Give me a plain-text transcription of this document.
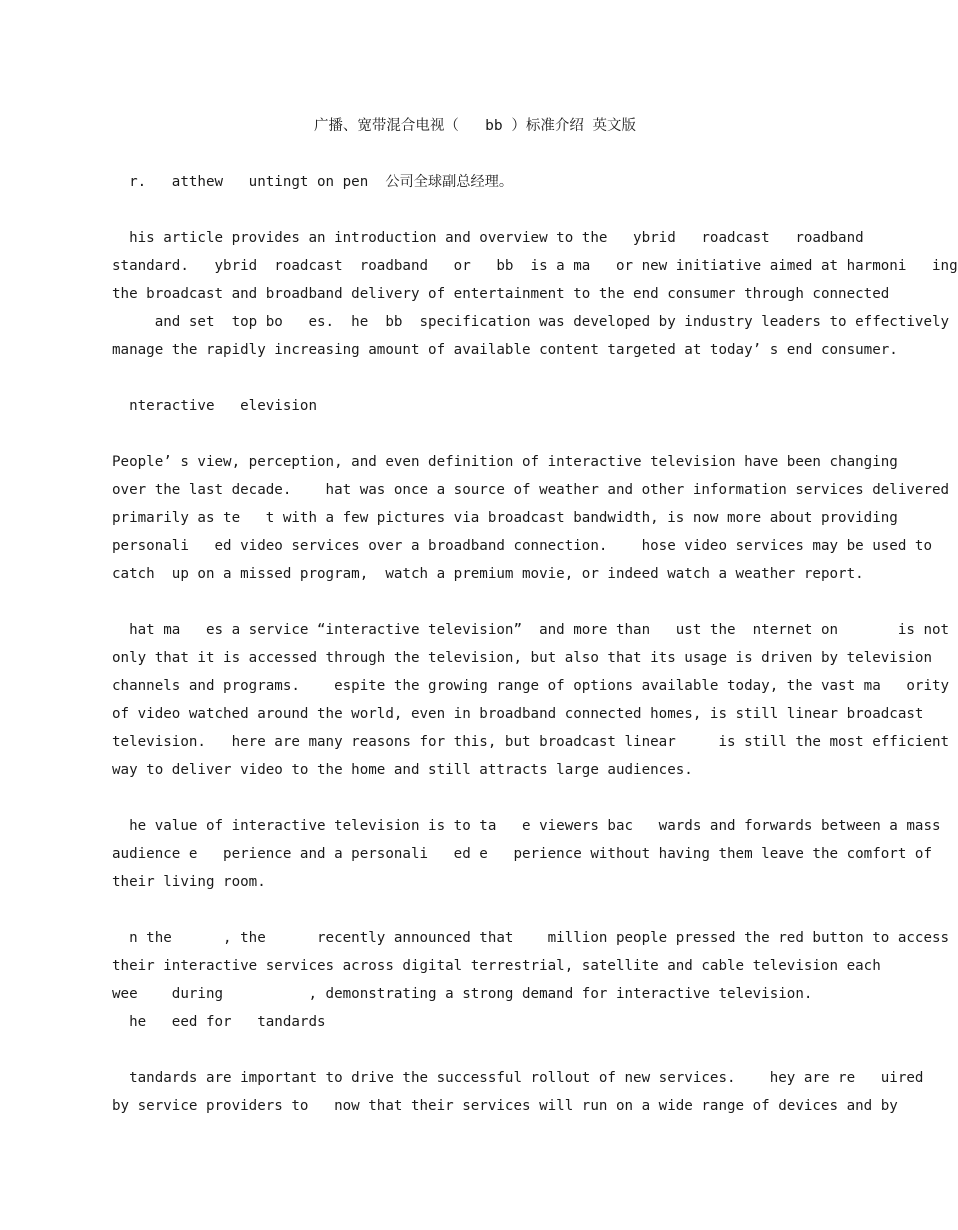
广播、宽带混合电视（   bb ）标准介绍 英文版
r.   atthew   untingt on pen  公司全球副总经理。
his article provides an introduction and overview to the   ybrid   roadcast   roadband
standard.   ybrid  roadcast  roadband   or   bb  is a ma   or new initiative aimed at harmoni   ing
the broadcast and broadband delivery of entertainment to the end consumer through connected
and set  top bo   es.  he  bb  specification was developed by industry leaders to effectively
manage the rapidly increasing amount of available content targeted at today’ s end consumer.
nteractive   elevision
People’ s view, perception, and even definition of interactive television have been changing
over the last decade.    hat was once a source of weather and other information services delivered
primarily as te   t with a few pictures via broadcast bandwidth, is now more about providing
personali   ed video services over a broadband connection.    hose video services may be used to
catch  up on a missed program,  watch a premium movie, or indeed watch a weather report.
hat ma   es a service “interactive television”  and more than   ust the  nternet on       is not
only that it is accessed through the television, but also that its usage is driven by television
channels and programs.    espite the growing range of options available today, the vast ma   ority
of video watched around the world, even in broadband connected homes, is still linear broadcast
television.   here are many reasons for this, but broadcast linear     is still the most efficient
way to deliver video to the home and still attracts large audiences.
he value of interactive television is to ta   e viewers bac   wards and forwards between a mass
audience e   perience and a personali   ed e   perience without having them leave the comfort of
their living room.
n the      , the      recently announced that    million people pressed the red button to access
their interactive services across digital terrestrial, satellite and cable television each
wee    during          , demonstrating a strong demand for interactive television.
he   eed for   tandards
tandards are important to drive the successful rollout of new services.    hey are re   uired
by service providers to   now that their services will run on a wide range of devices and by
